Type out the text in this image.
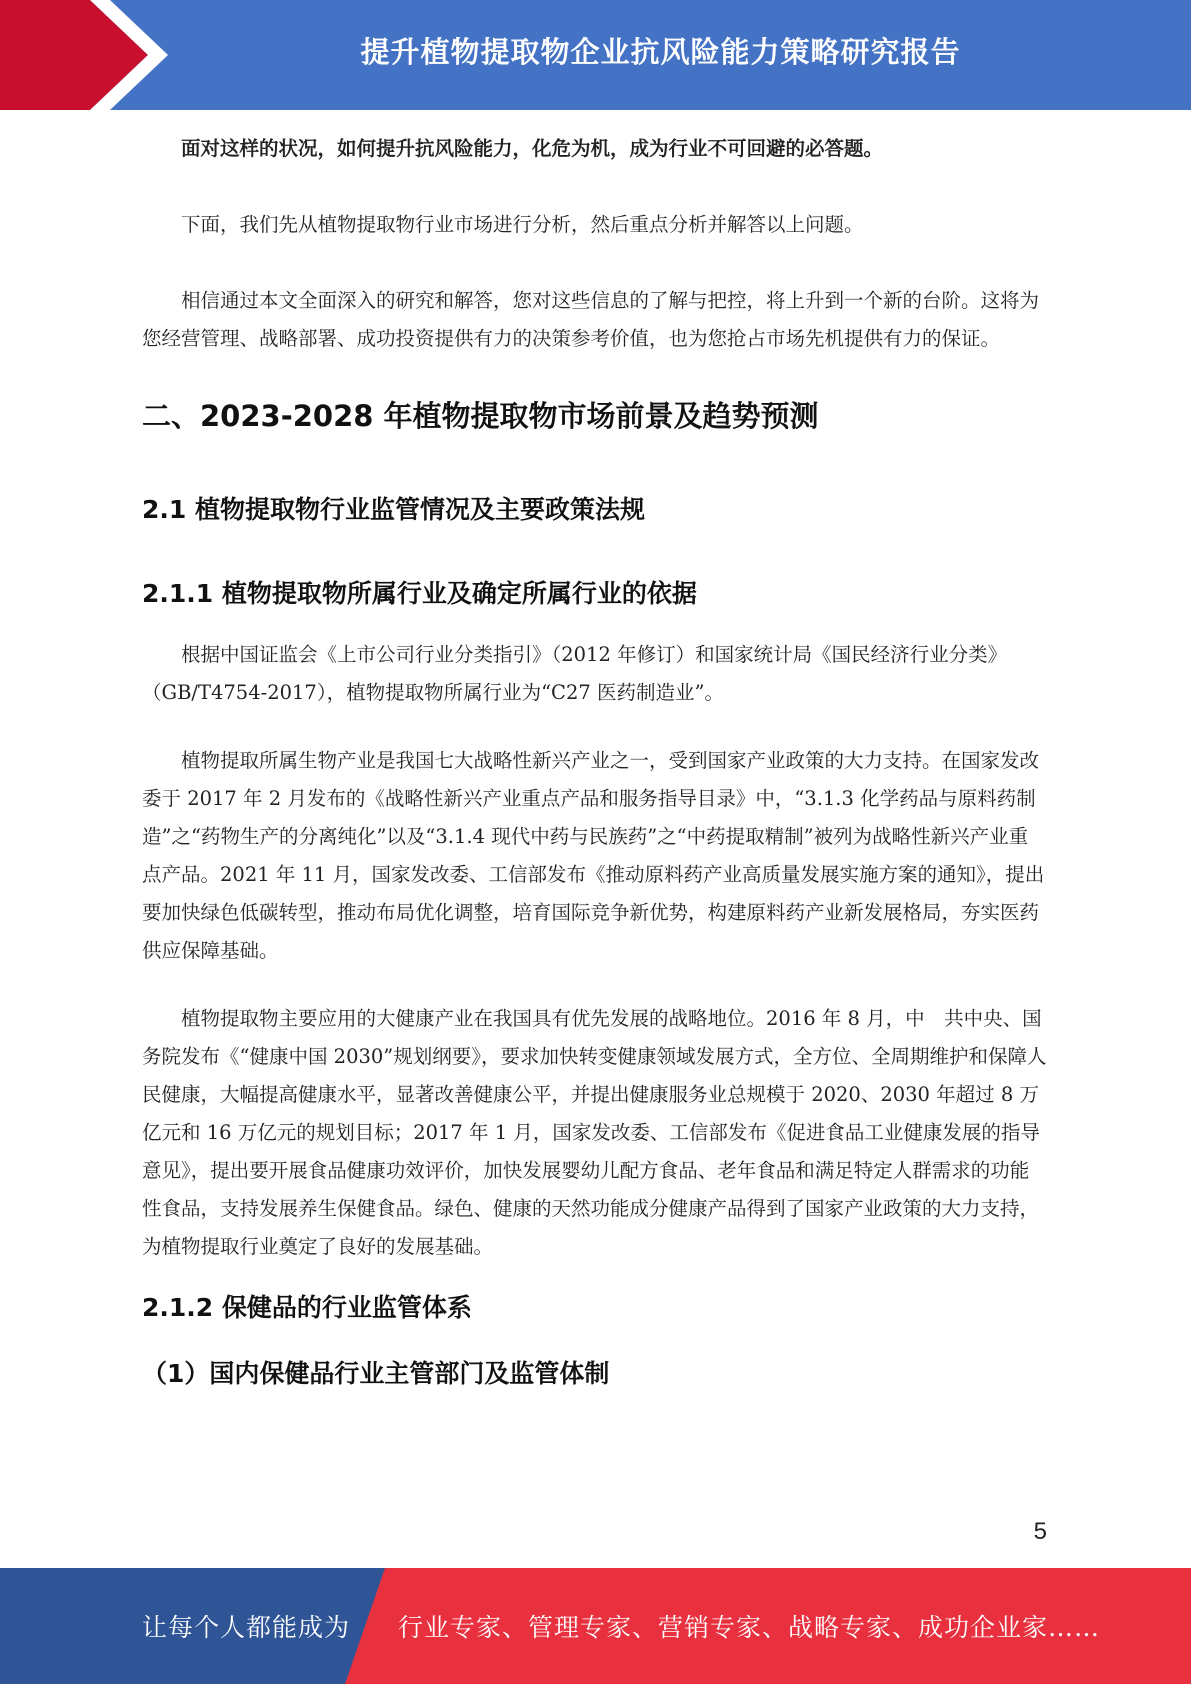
提升植物提取物企业抗风险能力策略研究报告

面对这样的状况，如何提升抗风险能力，化危为机，成为行业不可回避的必答题。

下面，我们先从植物提取物行业市场进行分析，然后重点分析并解答以上问题。

相信通过本文全面深入的研究和解答，您对这些信息的了解与把控，将上升到一个新的台阶。这将为您经营管理、战略部署、成功投资提供有力的决策参考价值，也为您抢占市场先机提供有力的保证。

二、2023-2028 年植物提取物市场前景及趋势预测
2.1 植物提取物行业监管情况及主要政策法规
2.1.1 植物提取物所属行业及确定所属行业的依据

根据中国证监会《上市公司行业分类指引》（2012 年修订）和国家统计局《国民经济行业分类》（GB/T4754-2017），植物提取物所属行业为“C27 医药制造业”。

植物提取所属生物产业是我国七大战略性新兴产业之一，受到国家产业政策的大力支持。在国家发改委于 2017 年 2 月发布的《战略性新兴产业重点产品和服务指导目录》中，“3.1.3 化学药品与原料药制造”之“药物生产的分离纯化”以及“3.1.4 现代中药与民族药”之“中药提取精制”被列为战略性新兴产业重点产品。2021 年 11 月，国家发改委、工信部发布《推动原料药产业高质量发展实施方案的通知》，提出要加快绿色低碳转型，推动布局优化调整，培育国际竞争新优势，构建原料药产业新发展格局，夯实医药供应保障基础。

植物提取物主要应用的大健康产业在我国具有优先发展的战略地位。2016 年 8 月，中　共中央、国务院发布《“健康中国 2030”规划纲要》，要求加快转变健康领域发展方式，全方位、全周期维护和保障人民健康，大幅提高健康水平，显著改善健康公平，并提出健康服务业总规模于 2020、2030 年超过 8 万亿元和 16 万亿元的规划目标；2017 年 1 月，国家发改委、工信部发布《促进食品工业健康发展的指导意见》，提出要开展食品健康功效评价，加快发展婴幼儿配方食品、老年食品和满足特定人群需求的功能性食品，支持发展养生保健食品。绿色、健康的天然功能成分健康产品得到了国家产业政策的大力支持，为植物提取行业奠定了良好的发展基础。

2.1.2 保健品的行业监管体系
（1）国内保健品行业主管部门及监管体制
5
让每个人都能成为 行业专家、管理专家、营销专家、战略专家、成功企业家……
